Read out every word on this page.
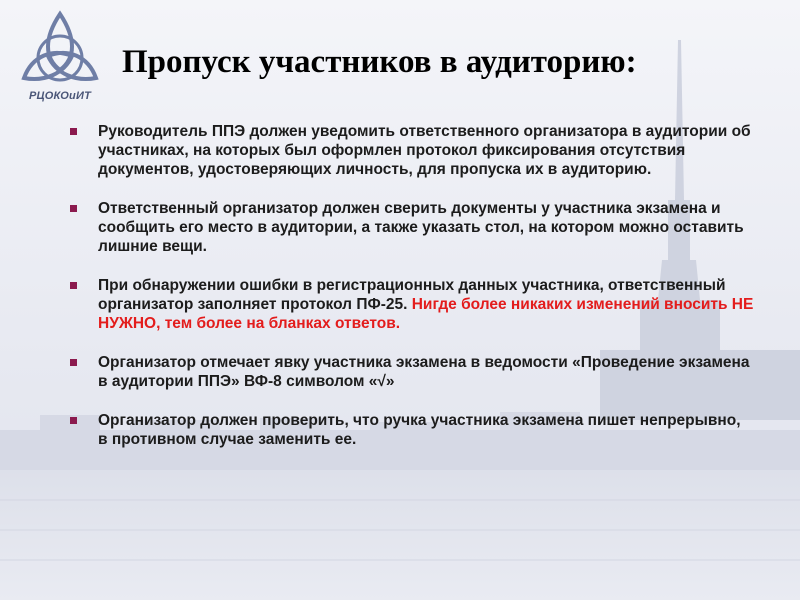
РЦОКОиИТ
Пропуск участников в аудиторию:
Руководитель ППЭ должен уведомить ответственного организатора в аудитории об участниках, на которых был оформлен протокол фиксирования отсутствия документов, удостоверяющих личность, для пропуска их в аудиторию.
Ответственный организатор должен сверить документы у участника экзамена и сообщить его место в аудитории, а также указать стол, на котором можно оставить лишние вещи.
При обнаружении ошибки в регистрационных данных участника, ответственный организатор заполняет протокол ПФ-25. Нигде более никаких изменений вносить НЕ НУЖНО, тем более на бланках ответов.
Организатор отмечает явку участника экзамена в ведомости «Проведение экзамена в аудитории ППЭ» ВФ-8 символом «√»
Организатор должен проверить, что ручка участника экзамена пишет непрерывно, в противном случае заменить ее.
